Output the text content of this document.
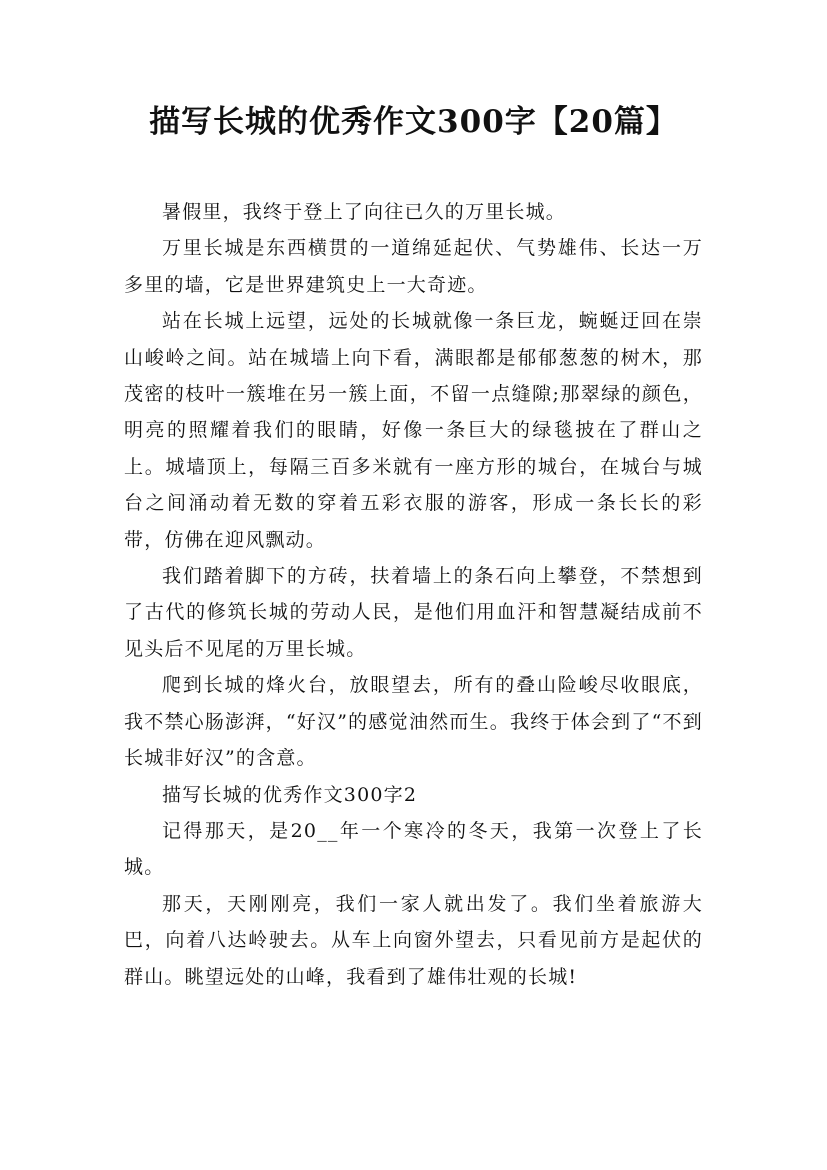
描写长城的优秀作文300字【20篇】

暑假里，我终于登上了向往已久的万里长城。

万里长城是东西横贯的一道绵延起伏、气势雄伟、长达一万多里的墙，它是世界建筑史上一大奇迹。

站在长城上远望，远处的长城就像一条巨龙，蜿蜒迂回在崇山峻岭之间。站在城墙上向下看，满眼都是郁郁葱葱的树木，那茂密的枝叶一簇堆在另一簇上面，不留一点缝隙;那翠绿的颜色，明亮的照耀着我们的眼睛，好像一条巨大的绿毯披在了群山之上。城墙顶上，每隔三百多米就有一座方形的城台，在城台与城台之间涌动着无数的穿着五彩衣服的游客，形成一条长长的彩带，仿佛在迎风飘动。

我们踏着脚下的方砖，扶着墙上的条石向上攀登，不禁想到了古代的修筑长城的劳动人民，是他们用血汗和智慧凝结成前不见头后不见尾的万里长城。

爬到长城的烽火台，放眼望去，所有的叠山险峻尽收眼底，我不禁心肠澎湃，“好汉”的感觉油然而生。我终于体会到了“不到长城非好汉”的含意。

描写长城的优秀作文300字2

记得那天，是20__年一个寒冷的冬天，我第一次登上了长城。

那天，天刚刚亮，我们一家人就出发了。我们坐着旅游大巴，向着八达岭驶去。从车上向窗外望去，只看见前方是起伏的群山。眺望远处的山峰，我看到了雄伟壮观的长城!
